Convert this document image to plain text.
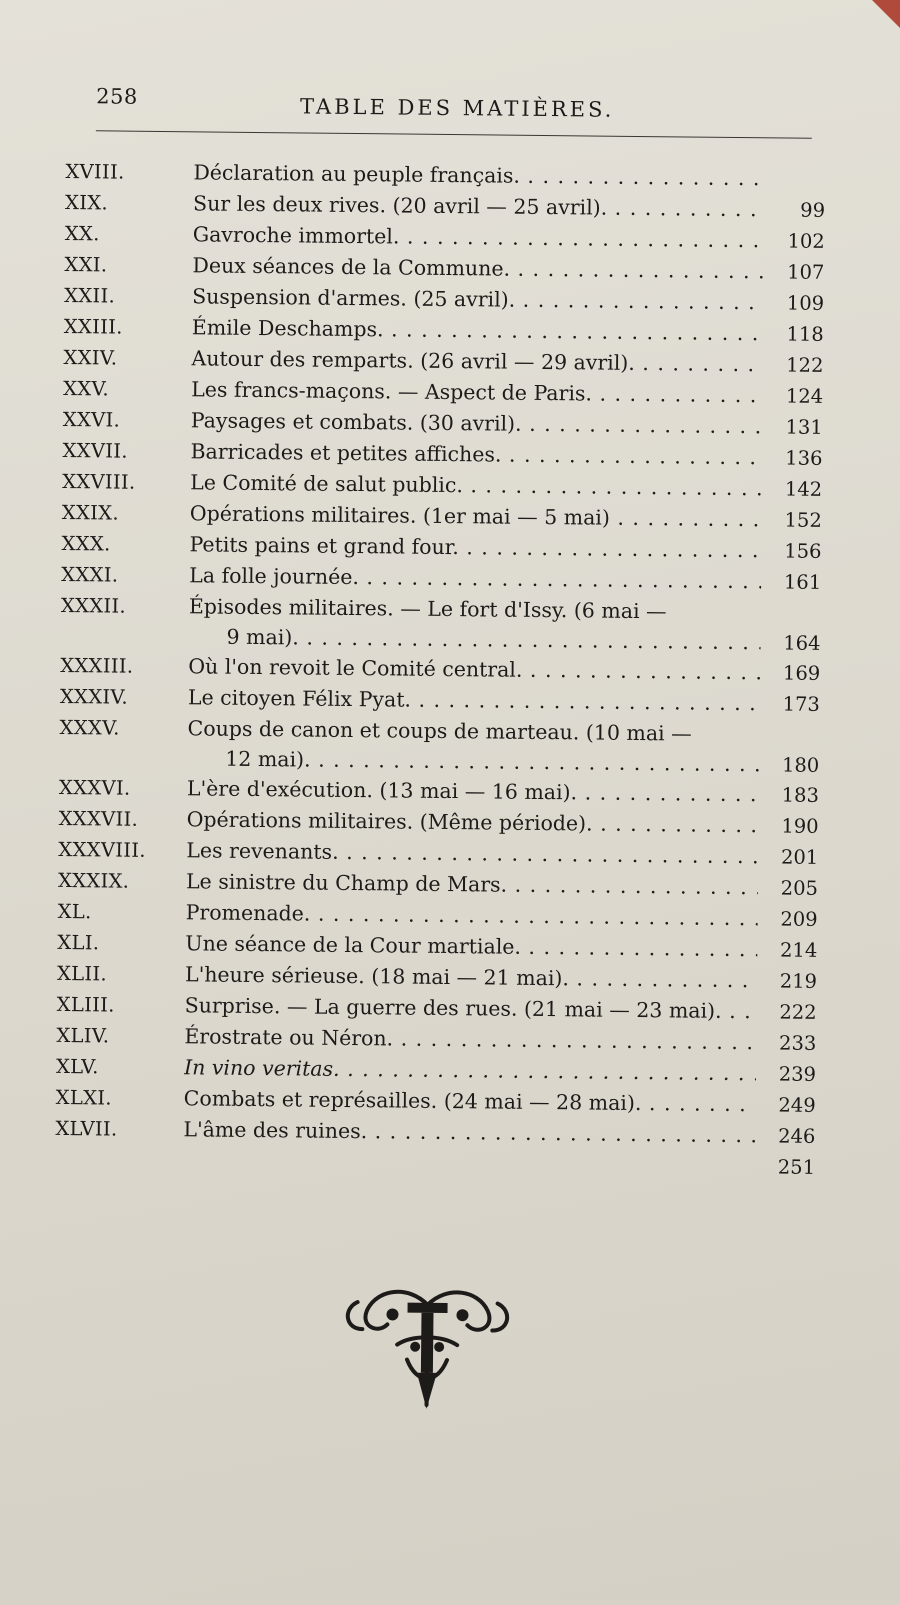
258	TABLE DES MATIÈRES.
XVIII.	Déclaration au peuple français. . . .
XIX.	Sur les deux rives. (20 avril — 25 avril). . . .	99
XX.	Gavroche immortel. . . .	102
XXI.	Deux séances de la Commune. . . .	107
XXII.	Suspension d'armes. (25 avril). . . .	109
XXIII.	Émile Deschamps. . . .	118
XXIV.	Autour des remparts. (26 avril — 29 avril). . . .	122
XXV.	Les francs-maçons. — Aspect de Paris. . . .	124
XXVI.	Paysages et combats. (30 avril). . . .	131
XXVII.	Barricades et petites affiches. . . .	136
XXVIII.	Le Comité de salut public. . . .	142
XXIX.	Opérations militaires. (1er mai — 5 mai) . . .	152
XXX.	Petits pains et grand four. . . .	156
XXXI.	La folle journée. . . .	161
XXXII.	Épisodes militaires. — Le fort d'Issy. (6 mai —
9 mai). . . .	164
XXXIII.	Où l'on revoit le Comité central. . . .	169
XXXIV.	Le citoyen Félix Pyat. . . .	173
XXXV.	Coups de canon et coups de marteau. (10 mai —
12 mai). . . .	180
XXXVI.	L'ère d'exécution. (13 mai — 16 mai). . . .	183
XXXVII.	Opérations militaires. (Même période). . . .	190
XXXVIII.	Les revenants. . . .	201
XXXIX.	Le sinistre du Champ de Mars. . . .	205
XL.	Promenade. . . .	209
XLI.	Une séance de la Cour martiale. . . .	214
XLII.	L'heure sérieuse. (18 mai — 21 mai). . . .	219
XLIII.	Surprise. — La guerre des rues. (21 mai — 23 mai). . . .	222
XLIV.	Érostrate ou Néron. . . .	233
XLV.	In vino veritas. . . .	239
XLXI.	Combats et représailles. (24 mai — 28 mai). . . .	249
XLVII.	L'âme des ruines. . . .	246
251
